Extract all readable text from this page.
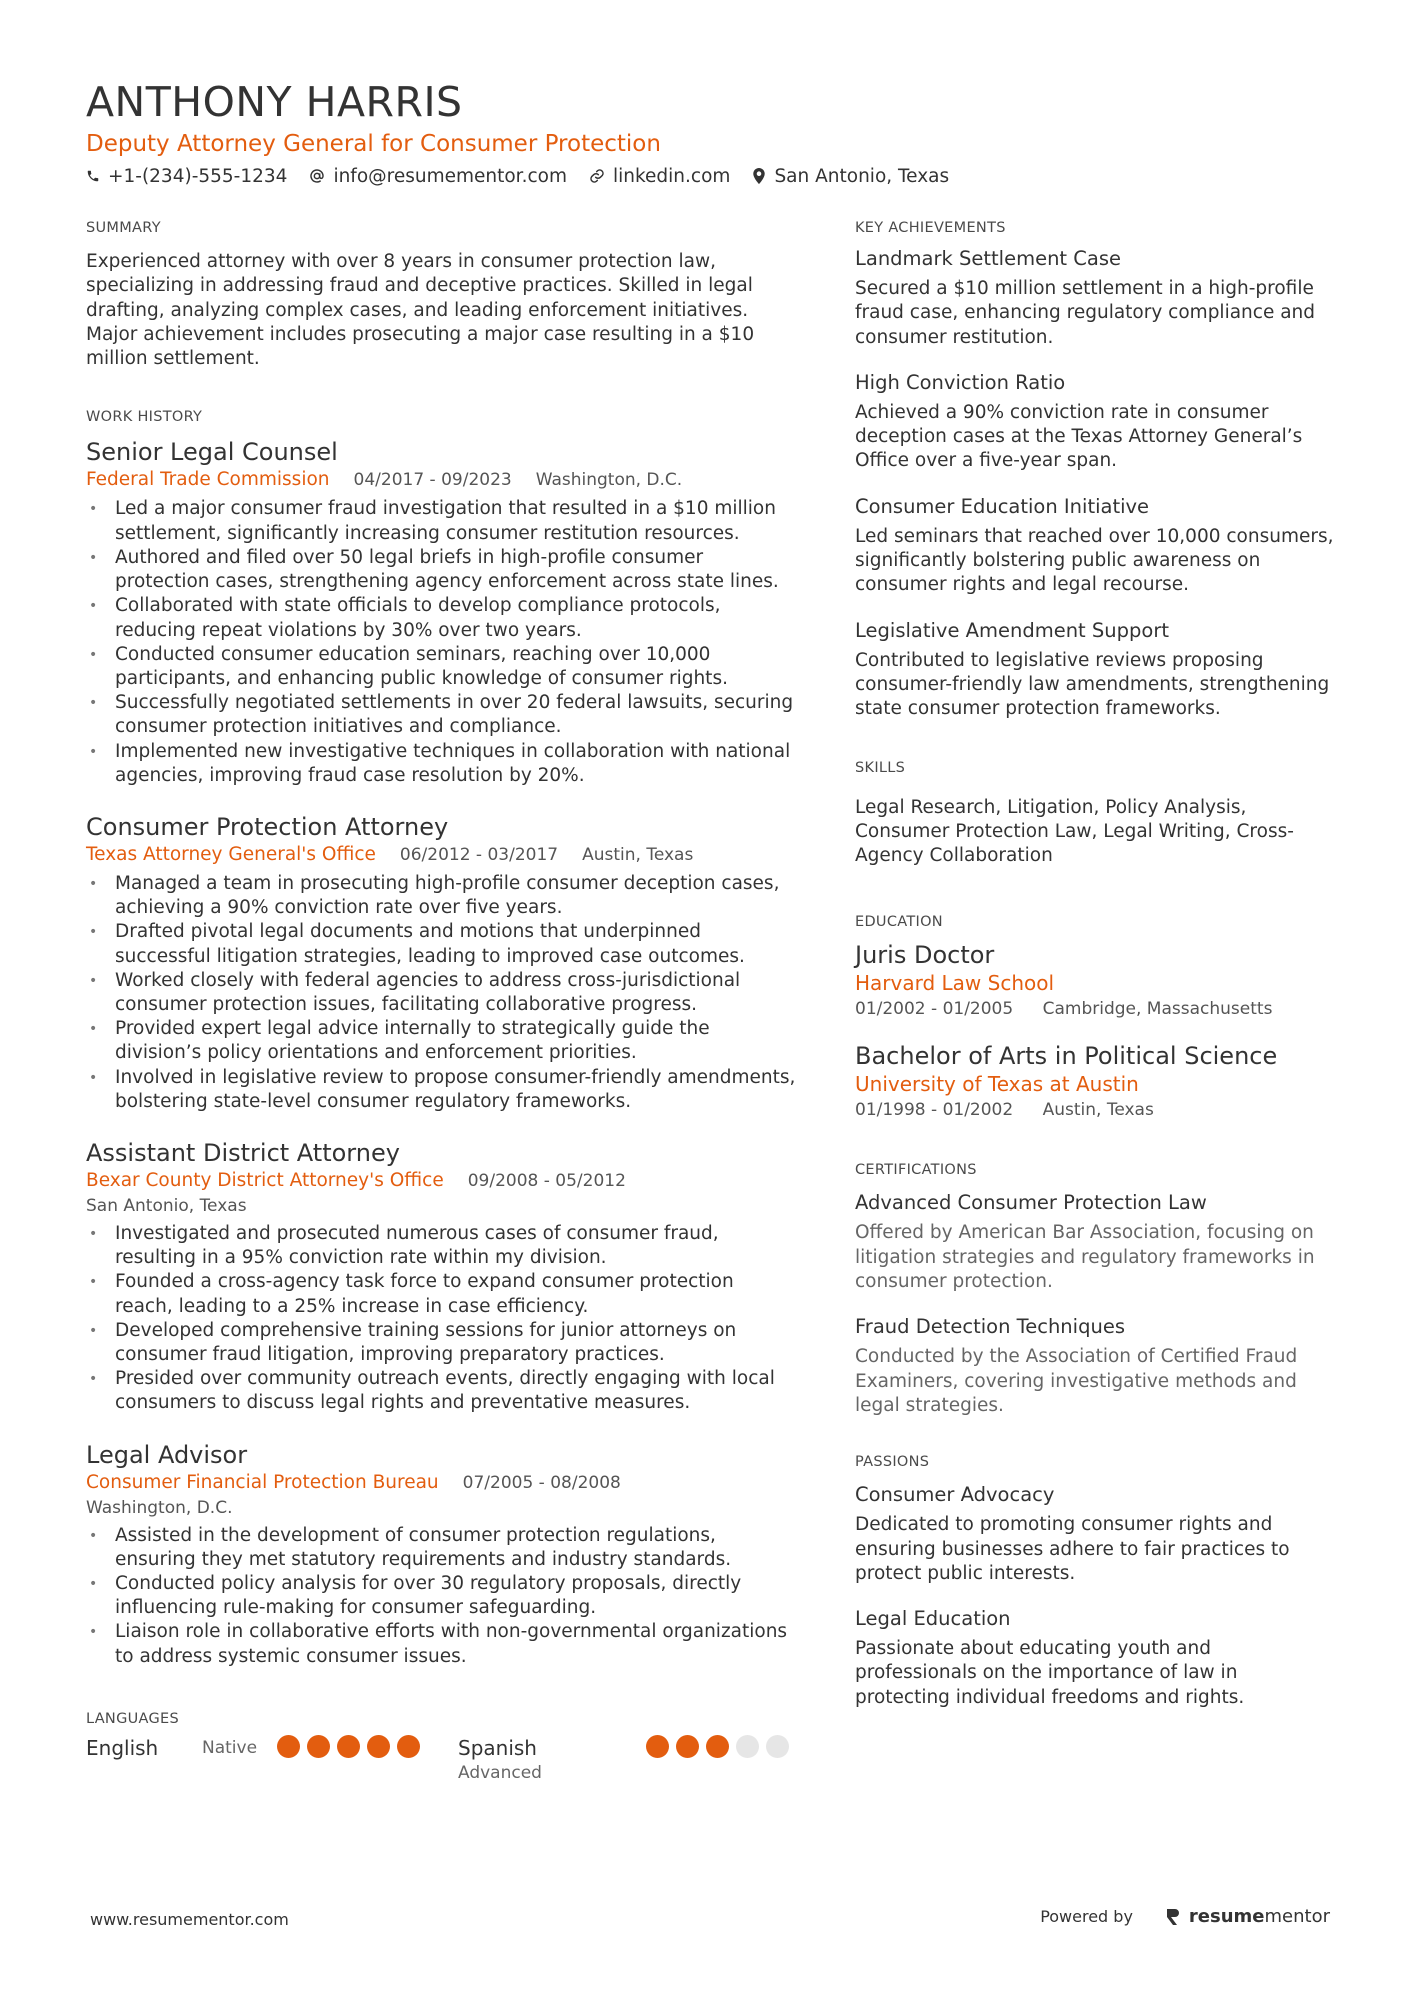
ANTHONY HARRIS
Deputy Attorney General for Consumer Protection
+1-(234)-555-1234 info@resumementor.com linkedin.com San Antonio, Texas
SUMMARY

Experienced attorney with over 8 years in consumer protection law, specializing in addressing fraud and deceptive practices. Skilled in legal drafting, analyzing complex cases, and leading enforcement initiatives. Major achievement includes prosecuting a major case resulting in a $10 million settlement.

WORK HISTORY
Senior Legal Counsel
Federal Trade Commission 04/2017 - 09/2023 Washington, D.C.
• Led a major consumer fraud investigation that resulted in a $10 million settlement, significantly increasing consumer restitution resources.
• Authored and filed over 50 legal briefs in high-profile consumer protection cases, strengthening agency enforcement across state lines.
• Collaborated with state officials to develop compliance protocols, reducing repeat violations by 30% over two years.
• Conducted consumer education seminars, reaching over 10,000 participants, and enhancing public knowledge of consumer rights.
• Successfully negotiated settlements in over 20 federal lawsuits, securing consumer protection initiatives and compliance.
• Implemented new investigative techniques in collaboration with national agencies, improving fraud case resolution by 20%.
Consumer Protection Attorney
Texas Attorney General's Office 06/2012 - 03/2017 Austin, Texas
• Managed a team in prosecuting high-profile consumer deception cases, achieving a 90% conviction rate over five years.
• Drafted pivotal legal documents and motions that underpinned successful litigation strategies, leading to improved case outcomes.
• Worked closely with federal agencies to address cross-jurisdictional consumer protection issues, facilitating collaborative progress.
• Provided expert legal advice internally to strategically guide the division’s policy orientations and enforcement priorities.
• Involved in legislative review to propose consumer-friendly amendments, bolstering state-level consumer regulatory frameworks.
Assistant District Attorney
Bexar County District Attorney's Office 09/2008 - 05/2012
San Antonio, Texas
• Investigated and prosecuted numerous cases of consumer fraud, resulting in a 95% conviction rate within my division.
• Founded a cross-agency task force to expand consumer protection reach, leading to a 25% increase in case efficiency.
• Developed comprehensive training sessions for junior attorneys on consumer fraud litigation, improving preparatory practices.
• Presided over community outreach events, directly engaging with local consumers to discuss legal rights and preventative measures.
Legal Advisor
Consumer Financial Protection Bureau 07/2005 - 08/2008
Washington, D.C.
• Assisted in the development of consumer protection regulations, ensuring they met statutory requirements and industry standards.
• Conducted policy analysis for over 30 regulatory proposals, directly influencing rule-making for consumer safeguarding.
• Liaison role in collaborative efforts with non-governmental organizations to address systemic consumer issues.
LANGUAGES
English	Native	Spanish
Advanced
KEY ACHIEVEMENTS
Landmark Settlement Case

Secured a $10 million settlement in a high-profile fraud case, enhancing regulatory compliance and consumer restitution.

High Conviction Ratio

Achieved a 90% conviction rate in consumer deception cases at the Texas Attorney General’s Office over a five-year span.

Consumer Education Initiative

Led seminars that reached over 10,000 consumers, significantly bolstering public awareness on consumer rights and legal recourse.

Legislative Amendment Support

Contributed to legislative reviews proposing consumer-friendly law amendments, strengthening state consumer protection frameworks.

SKILLS

Legal Research, Litigation, Policy Analysis, Consumer Protection Law, Legal Writing, Cross-Agency Collaboration

EDUCATION
Juris Doctor
Harvard Law School
01/2002 - 01/2005 Cambridge, Massachusetts
Bachelor of Arts in Political Science
University of Texas at Austin
01/1998 - 01/2002 Austin, Texas
CERTIFICATIONS
Advanced Consumer Protection Law

Offered by American Bar Association, focusing on litigation strategies and regulatory frameworks in consumer protection.

Fraud Detection Techniques

Conducted by the Association of Certified Fraud Examiners, covering investigative methods and legal strategies.

PASSIONS
Consumer Advocacy

Dedicated to promoting consumer rights and ensuring businesses adhere to fair practices to protect public interests.

Legal Education

Passionate about educating youth and professionals on the importance of law in protecting individual freedoms and rights.

www.resumementor.com	Powered by	resume mentor
